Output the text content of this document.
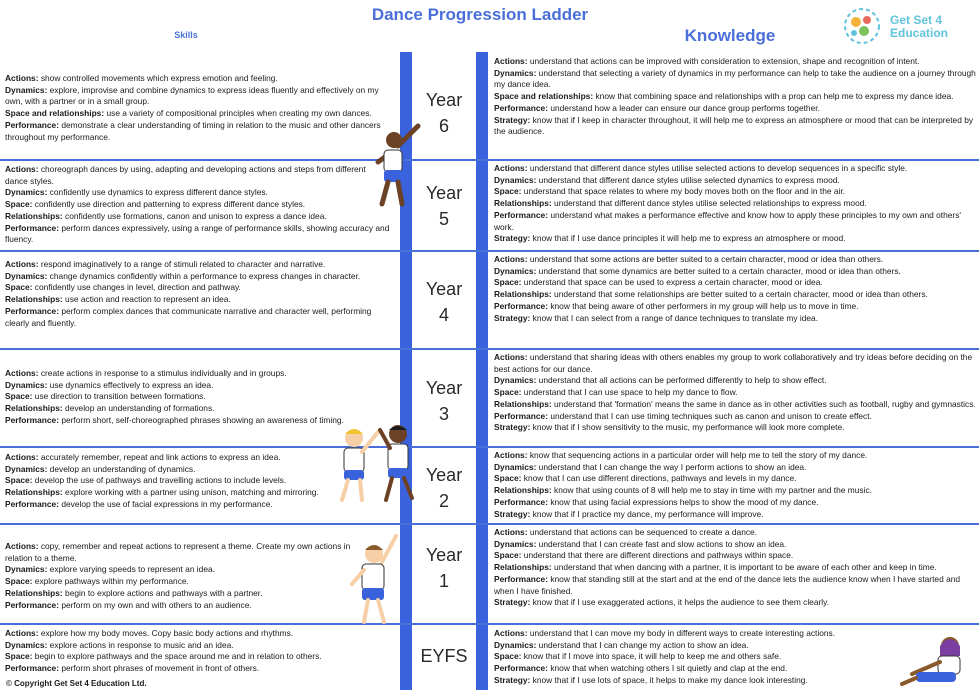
Dance Progression Ladder
Skills	Knowledge
Get Set 4
Education
Year
6
Actions: show controlled movements which express emotion and feeling.
Dynamics: explore, improvise and combine dynamics to express ideas fluently and effectively on my own, with a partner or in a small group.
Space and relationships: use a variety of compositional principles when creating my own dances.
Performance: demonstrate a clear understanding of timing in relation to the music and other dancers throughout my performance.
Actions: understand that actions can be improved with consideration to extension, shape and recognition of intent.
Dynamics: understand that selecting a variety of dynamics in my performance can help to take the audience on a journey through my dance idea.
Space and relationships: know that combining space and relationships with a prop can help me to express my dance idea.
Performance: understand how a leader can ensure our dance group performs together.
Strategy: know that if I keep in character throughout, it will help me to express an atmosphere or mood that can be interpreted by the audience.
Year
5
Actions: choreograph dances by using, adapting and developing actions and steps from different dance styles.
Dynamics: confidently use dynamics to express different dance styles.
Space: confidently use direction and patterning to express different dance styles.
Relationships: confidently use formations, canon and unison to express a dance idea.
Performance: perform dances expressively, using a range of performance skills, showing accuracy and fluency.
Actions: understand that different dance styles utilise selected actions to develop sequences in a specific style.
Dynamics: understand that different dance styles utilise selected dynamics to express mood.
Space: understand that space relates to where my body moves both on the floor and in the air.
Relationships: understand that different dance styles utilise selected relationships to express mood.
Performance: understand what makes a performance effective and know how to apply these principles to my own and others' work.
Strategy: know that if I use dance principles it will help me to express an atmosphere or mood.
Year
4
Actions: respond imaginatively to a range of stimuli related to character and narrative.
Dynamics: change dynamics confidently within a performance to express changes in character.
Space: confidently use changes in level, direction and pathway.
Relationships: use action and reaction to represent an idea.
Performance: perform complex dances that communicate narrative and character well, performing clearly and fluently.
Actions: understand that some actions are better suited to a certain character, mood or idea than others.
Dynamics: understand that some dynamics are better suited to a certain character, mood or idea than others.
Space: understand that space can be used to express a certain character, mood or idea.
Relationships: understand that some relationships are better suited to a certain character, mood or idea than others.
Performance: know that being aware of other performers in my group will help us to move in time.
Strategy: know that I can select from a range of dance techniques to translate my idea.
Year
3
Actions: create actions in response to a stimulus individually and in groups.
Dynamics: use dynamics effectively to express an idea.
Space: use direction to transition between formations.
Relationships: develop an understanding of formations.
Performance: perform short, self-choreographed phrases showing an awareness of timing.
Actions: understand that sharing ideas with others enables my group to work collaboratively and try ideas before deciding on the best actions for our dance.
Dynamics: understand that all actions can be performed differently to help to show effect.
Space: understand that I can use space to help my dance to flow.
Relationships: understand that 'formation' means the same in dance as in other activities such as football, rugby and gymnastics.
Performance: understand that I can use timing techniques such as canon and unison to create effect.
Strategy: know that if I show sensitivity to the music, my performance will look more complete.
Year
2
Actions: accurately remember, repeat and link actions to express an idea.
Dynamics: develop an understanding of dynamics.
Space: develop the use of pathways and travelling actions to include levels.
Relationships: explore working with a partner using unison, matching and mirroring.
Performance: develop the use of facial expressions in my performance.
Actions: know that sequencing actions in a particular order will help me to tell the story of my dance.
Dynamics: understand that I can change the way I perform actions to show an idea.
Space: know that I can use different directions, pathways and levels in my dance.
Relationships: know that using counts of 8 will help me to stay in time with my partner and the music.
Performance: know that using facial expressions helps to show the mood of my dance.
Strategy: know that if I practice my dance, my performance will improve.
Year
1
Actions: copy, remember and repeat actions to represent a theme. Create my own actions in relation to a theme.
Dynamics: explore varying speeds to represent an idea.
Space: explore pathways within my performance.
Relationships: begin to explore actions and pathways with a partner.
Performance: perform on my own and with others to an audience.
Actions: understand that actions can be sequenced to create a dance.
Dynamics: understand that I can create fast and slow actions to show an idea.
Space: understand that there are different directions and pathways within space.
Relationships: understand that when dancing with a partner, it is important to be aware of each other and keep in time.
Performance: know that standing still at the start and at the end of the dance lets the audience know when I have started and when I have finished.
Strategy: know that if I use exaggerated actions, it helps the audience to see them clearly.
EYFS
Actions: explore how my body moves. Copy basic body actions and rhythms.
Dynamics: explore actions in response to music and an idea.
Space: begin to explore pathways and the space around me and in relation to others.
Performance: perform short phrases of movement in front of others.
Actions: understand that I can move my body in different ways to create interesting actions.
Dynamics: understand that I can change my action to show an idea.
Space: know that if I move into space, it will help to keep me and others safe.
Performance: know that when watching others I sit quietly and clap at the end.
Strategy: know that if I use lots of space, it helps to make my dance look interesting.
© Copyright Get Set 4 Education Ltd.
